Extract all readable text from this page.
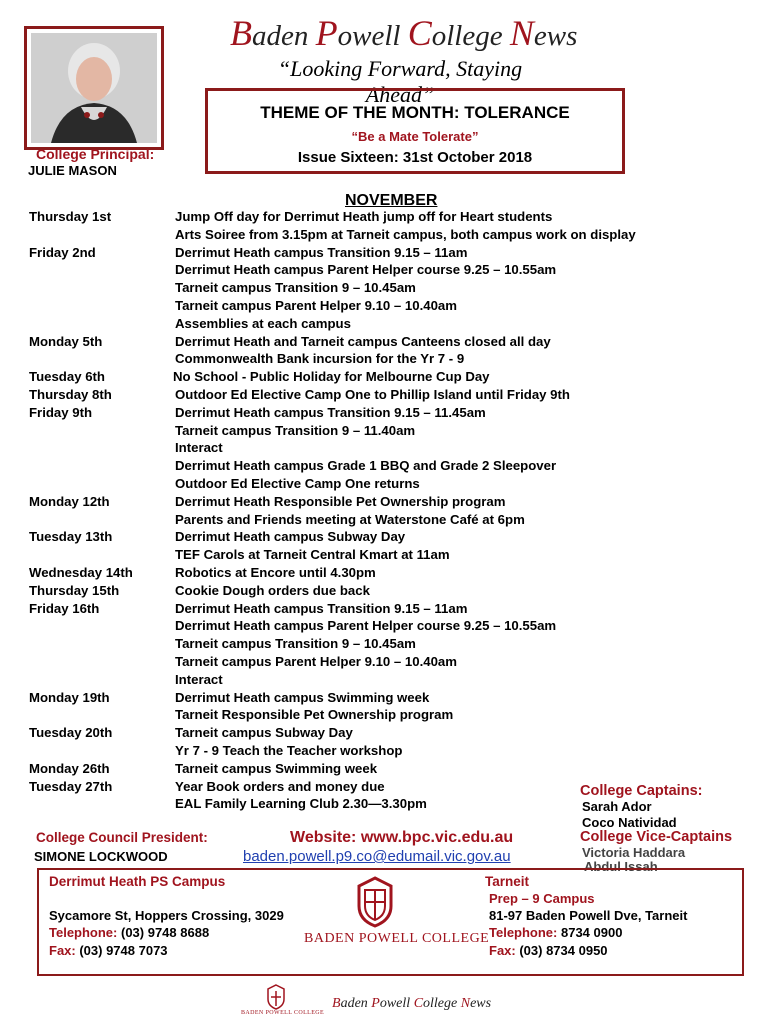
Baden Powell College News
“Looking Forward, Staying Ahead”
THEME OF THE MONTH: TOLERANCE
“Be a Mate Tolerate”
Issue Sixteen: 31st October 2018
College Principal:
JULIE MASON
NOVEMBER
Thursday 1st	Jump Off day for Derrimut Heath jump off for Heart students
Arts Soiree from 3.15pm at Tarneit campus, both campus work on display
Friday 2nd	Derrimut Heath campus Transition 9.15 – 11am
Derrimut Heath campus Parent Helper course 9.25 – 10.55am
Tarneit campus Transition 9 – 10.45am
Tarneit campus Parent Helper 9.10 – 10.40am
Assemblies at each campus
Monday 5th	Derrimut Heath and Tarneit campus Canteens closed all day
Commonwealth Bank incursion for the Yr 7 - 9
Tuesday 6th	No School - Public Holiday for Melbourne Cup Day
Thursday 8th	Outdoor Ed Elective Camp One to Phillip Island until Friday 9th
Friday 9th	Derrimut Heath campus Transition 9.15 – 11.45am
Tarneit campus Transition 9 – 11.40am
Interact
Derrimut Heath campus Grade 1 BBQ and Grade 2 Sleepover
Outdoor Ed Elective Camp One returns
Monday 12th	Derrimut Heath Responsible Pet Ownership program
Parents and Friends meeting at Waterstone Café at 6pm
Tuesday 13th	Derrimut Heath campus Subway Day
TEF Carols at Tarneit Central Kmart at 11am
Wednesday 14th	Robotics at Encore until 4.30pm
Thursday 15th	Cookie Dough orders due back
Friday 16th	Derrimut Heath campus Transition 9.15 – 11am
Derrimut Heath campus Parent Helper course 9.25 – 10.55am
Tarneit campus Transition 9 – 10.45am
Tarneit campus Parent Helper 9.10 – 10.40am
Interact
Monday 19th	Derrimut Heath campus Swimming week
Tarneit Responsible Pet Ownership program
Tuesday 20th	Tarneit campus Subway Day
Yr 7 - 9 Teach the Teacher workshop
Monday 26th	Tarneit campus Swimming week
Tuesday 27th	Year Book orders and money due
EAL Family Learning Club 2.30—3.30pm
College Captains:
Sarah Ador
Coco Natividad
College Vice-Captains
Victoria Haddara
Abdul Issah
College Council President:
SIMONE LOCKWOOD
Website: www.bpc.vic.edu.au
baden.powell.p9.co@edumail.vic.gov.au
Derrimut Heath PS Campus
Sycamore St, Hoppers Crossing, 3029
Telephone: (03) 9748 8688
Fax: (03) 9748 7073
BADEN POWELL COLLEGE
Tarneit
Prep – 9 Campus
81-97 Baden Powell Dve, Tarneit
Telephone: 8734 0900
Fax: (03) 8734 0950
BADEN POWELL COLLEGE
Baden Powell College News
